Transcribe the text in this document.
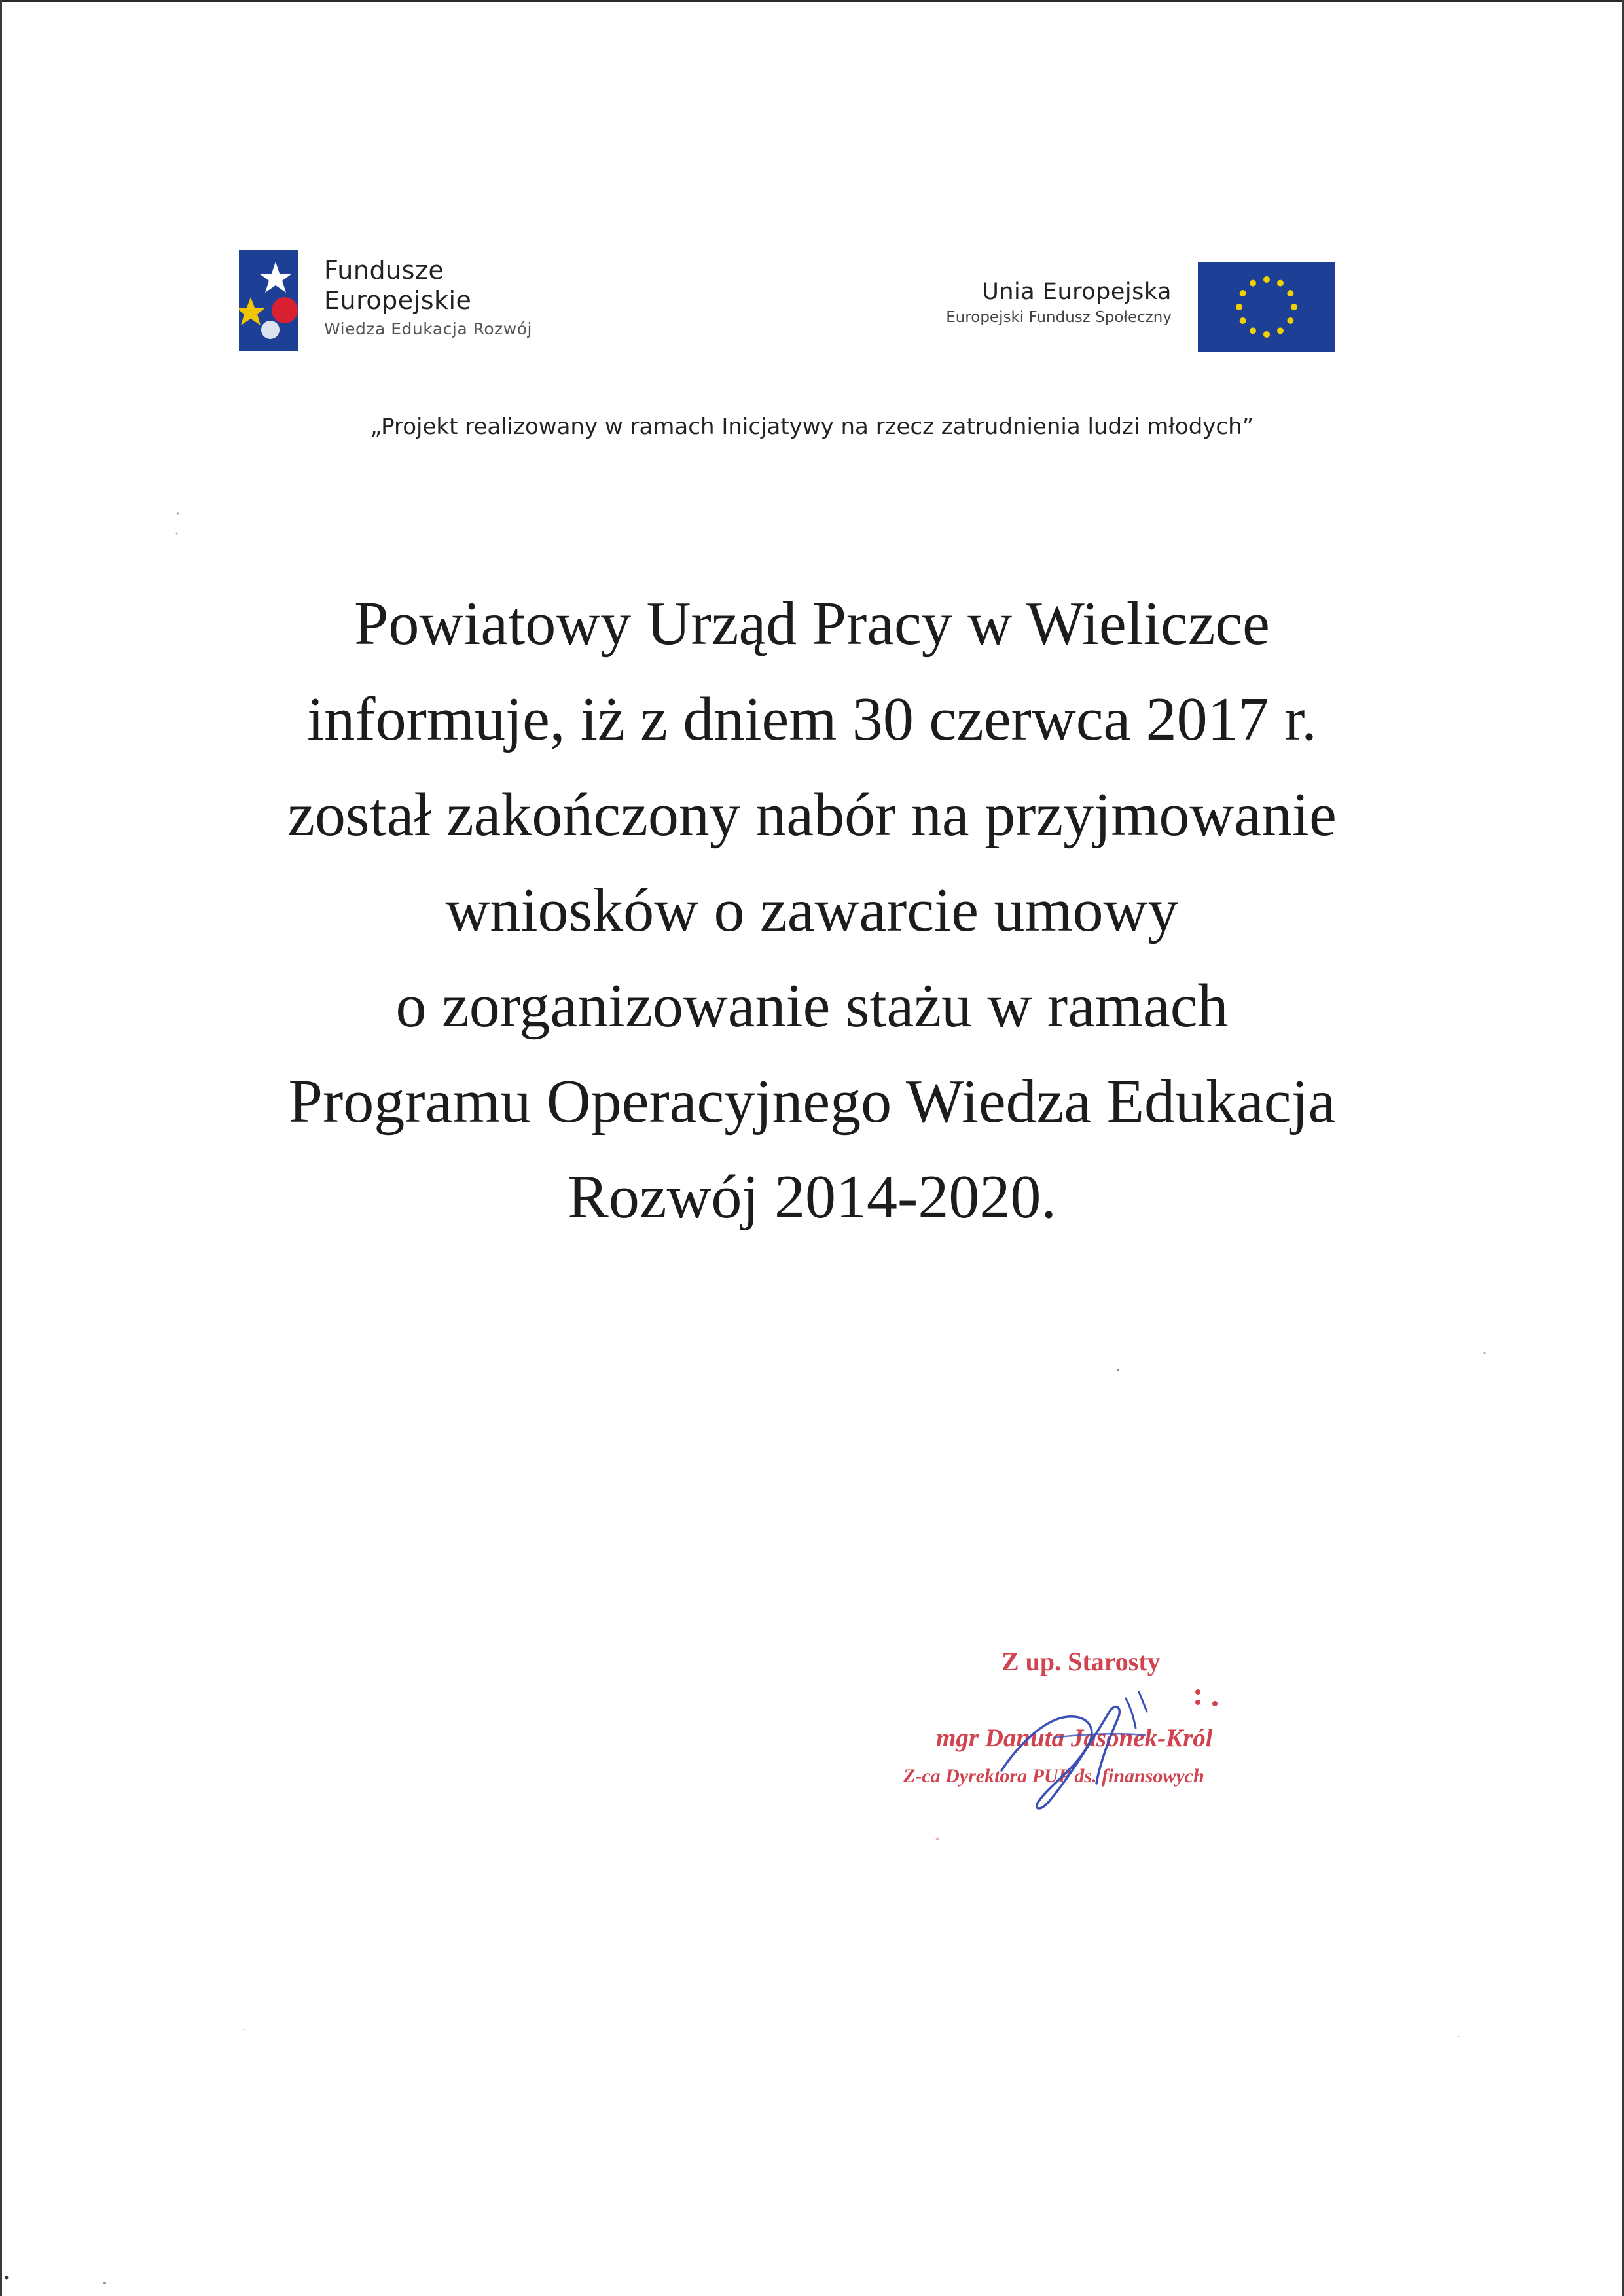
Fundusze
Europejskie
Wiedza Edukacja Rozwój
Unia Europejska
Europejski Fundusz Społeczny
„Projekt realizowany w ramach Inicjatywy na rzecz zatrudnienia ludzi młodych”
Powiatowy Urząd Pracy w Wieliczce
informuje, iż z dniem 30 czerwca 2017 r.
został zakończony nabór na przyjmowanie
wniosków o zawarcie umowy
o zorganizowanie stażu w ramach
Programu Operacyjnego Wiedza Edukacja
Rozwój 2014-2020.
Z up. Starosty
mgr Danuta Jasonek-Król
Z-ca Dyrektora PUP ds. finansowych
